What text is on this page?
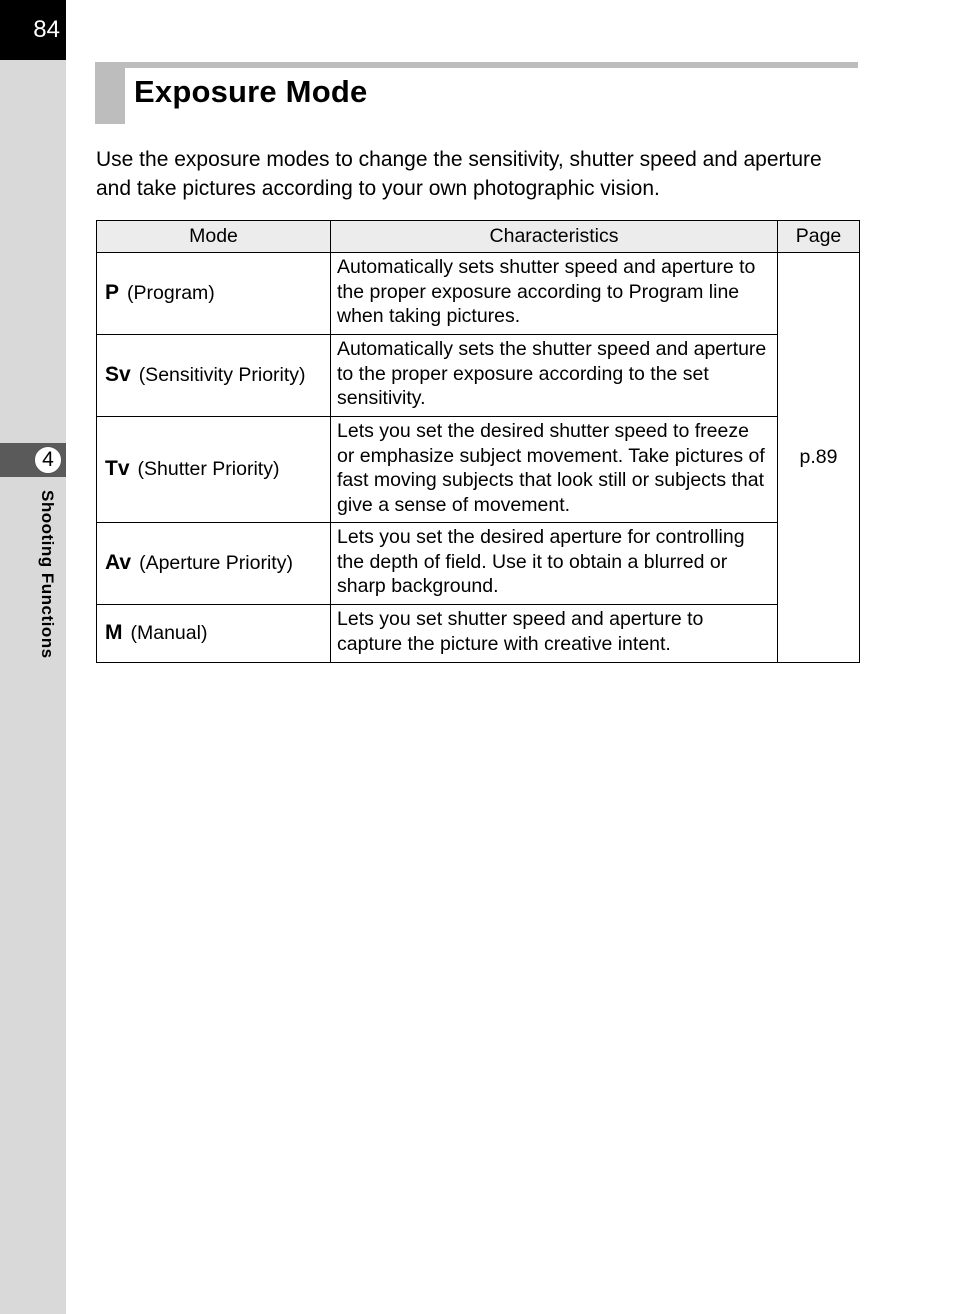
84
4
Shooting Functions
Exposure Mode

Use the exposure modes to change the sensitivity, shutter speed and aperture and take pictures according to your own photographic vision.

Mode	Characteristics	Page
P (Program)	Automatically sets shutter speed and aperture to the proper exposure according to Program line when taking pictures.	p.89
Sv (Sensitivity Priority)	Automatically sets the shutter speed and aperture to the proper exposure according to the set sensitivity.	
Tv (Shutter Priority)	Lets you set the desired shutter speed to freeze or emphasize subject movement. Take pictures of fast moving subjects that look still or subjects that give a sense of movement.	
Av (Aperture Priority)	Lets you set the desired aperture for controlling the depth of field. Use it to obtain a blurred or sharp background.	
M (Manual)	Lets you set shutter speed and aperture to capture the picture with creative intent.	
